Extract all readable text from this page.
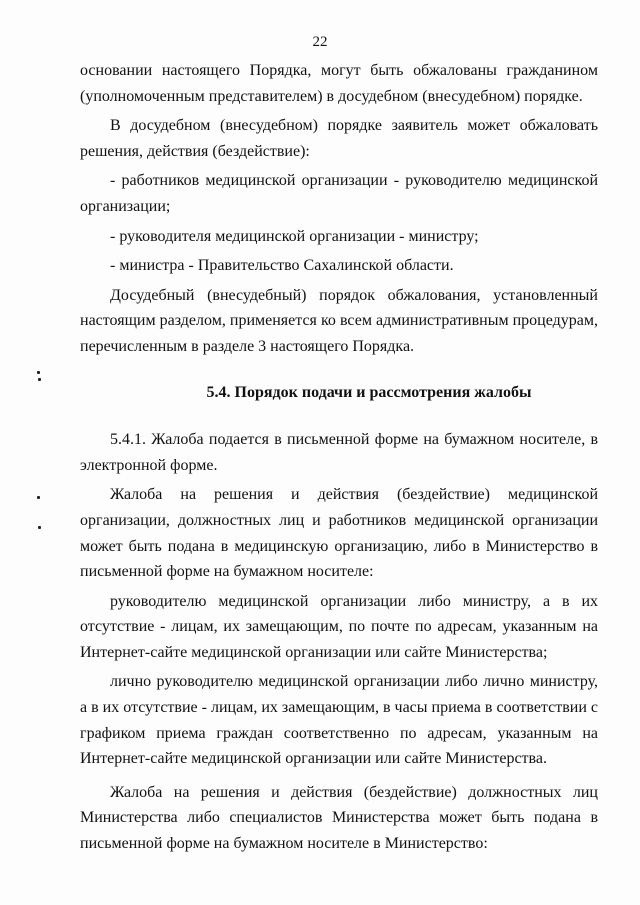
22

основании настоящего Порядка, могут быть обжалованы гражданином (уполномоченным представителем) в досудебном (внесудебном) порядке.

В досудебном (внесудебном) порядке заявитель может обжаловать решения, действия (бездействие):

- работников медицинской организации - руководителю медицинской организации;

- руководителя медицинской организации - министру;

- министра - Правительство Сахалинской области.

Досудебный (внесудебный) порядок обжалования, установленный настоящим разделом, применяется ко всем административным процедурам, перечисленным в разделе 3 настоящего Порядка.

5.4. Порядок подачи и рассмотрения жалобы

5.4.1. Жалоба подается в письменной форме на бумажном носителе, в электронной форме.

Жалоба на решения и действия (бездействие) медицинской организации, должностных лиц и работников медицинской организации может быть подана в медицинскую организацию, либо в Министерство в письменной форме на бумажном носителе:

руководителю медицинской организации либо министру, а в их отсутствие - лицам, их замещающим, по почте по адресам, указанным на Интернет-сайте медицинской организации или сайте Министерства;

лично руководителю медицинской организации либо лично министру, а в их отсутствие - лицам, их замещающим, в часы приема в соответствии с графиком приема граждан соответственно по адресам, указанным на Интернет-сайте медицинской организации или сайте Министерства.

Жалоба на решения и действия (бездействие) должностных лиц Министерства либо специалистов Министерства может быть подана в письменной форме на бумажном носителе в Министерство:
